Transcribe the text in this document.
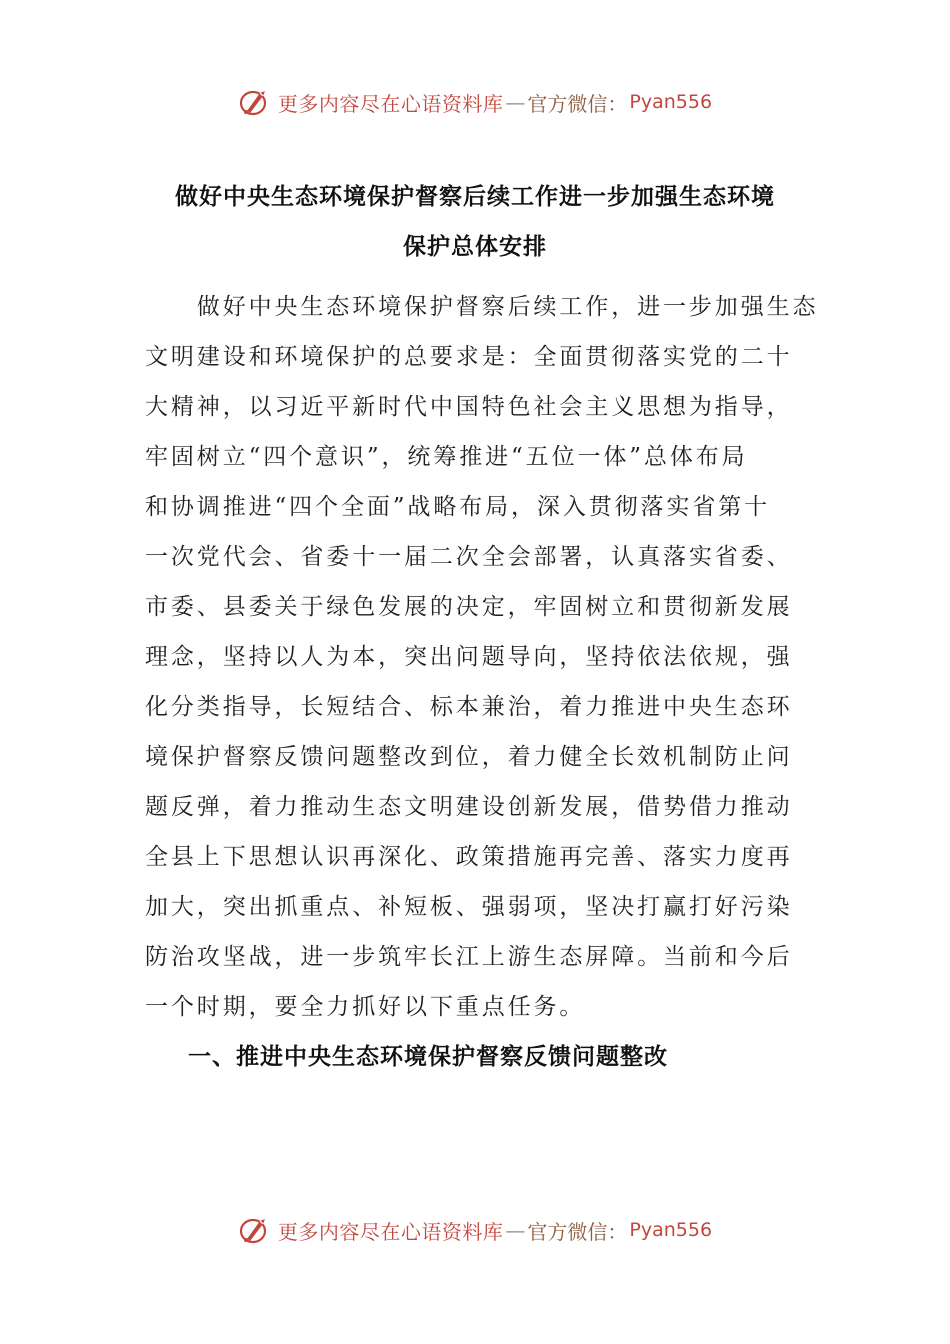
更多内容尽在心语资料库 — 官方微信： Pyan556
做好中央生态环境保护督察后续工作进一步加强生态环境
保护总体安排
　　做好中央生态环境保护督察后续工作，进一步加强生态
文明建设和环境保护的总要求是：全面贯彻落实党的二十
大精神，以习近平新时代中国特色社会主义思想为指导，
牢固树立“四个意识”，统筹推进“五位一体”总体布局
和协调推进“四个全面”战略布局，深入贯彻落实省第十
一次党代会、省委十一届二次全会部署，认真落实省委、
市委、县委关于绿色发展的决定，牢固树立和贯彻新发展
理念，坚持以人为本，突出问题导向，坚持依法依规，强
化分类指导，长短结合、标本兼治，着力推进中央生态环
境保护督察反馈问题整改到位，着力健全长效机制防止问
题反弹，着力推动生态文明建设创新发展，借势借力推动
全县上下思想认识再深化、政策措施再完善、落实力度再
加大，突出抓重点、补短板、强弱项，坚决打赢打好污染
防治攻坚战，进一步筑牢长江上游生态屏障。当前和今后
一个时期，要全力抓好以下重点任务。
一、推进中央生态环境保护督察反馈问题整改
更多内容尽在心语资料库 — 官方微信： Pyan556
